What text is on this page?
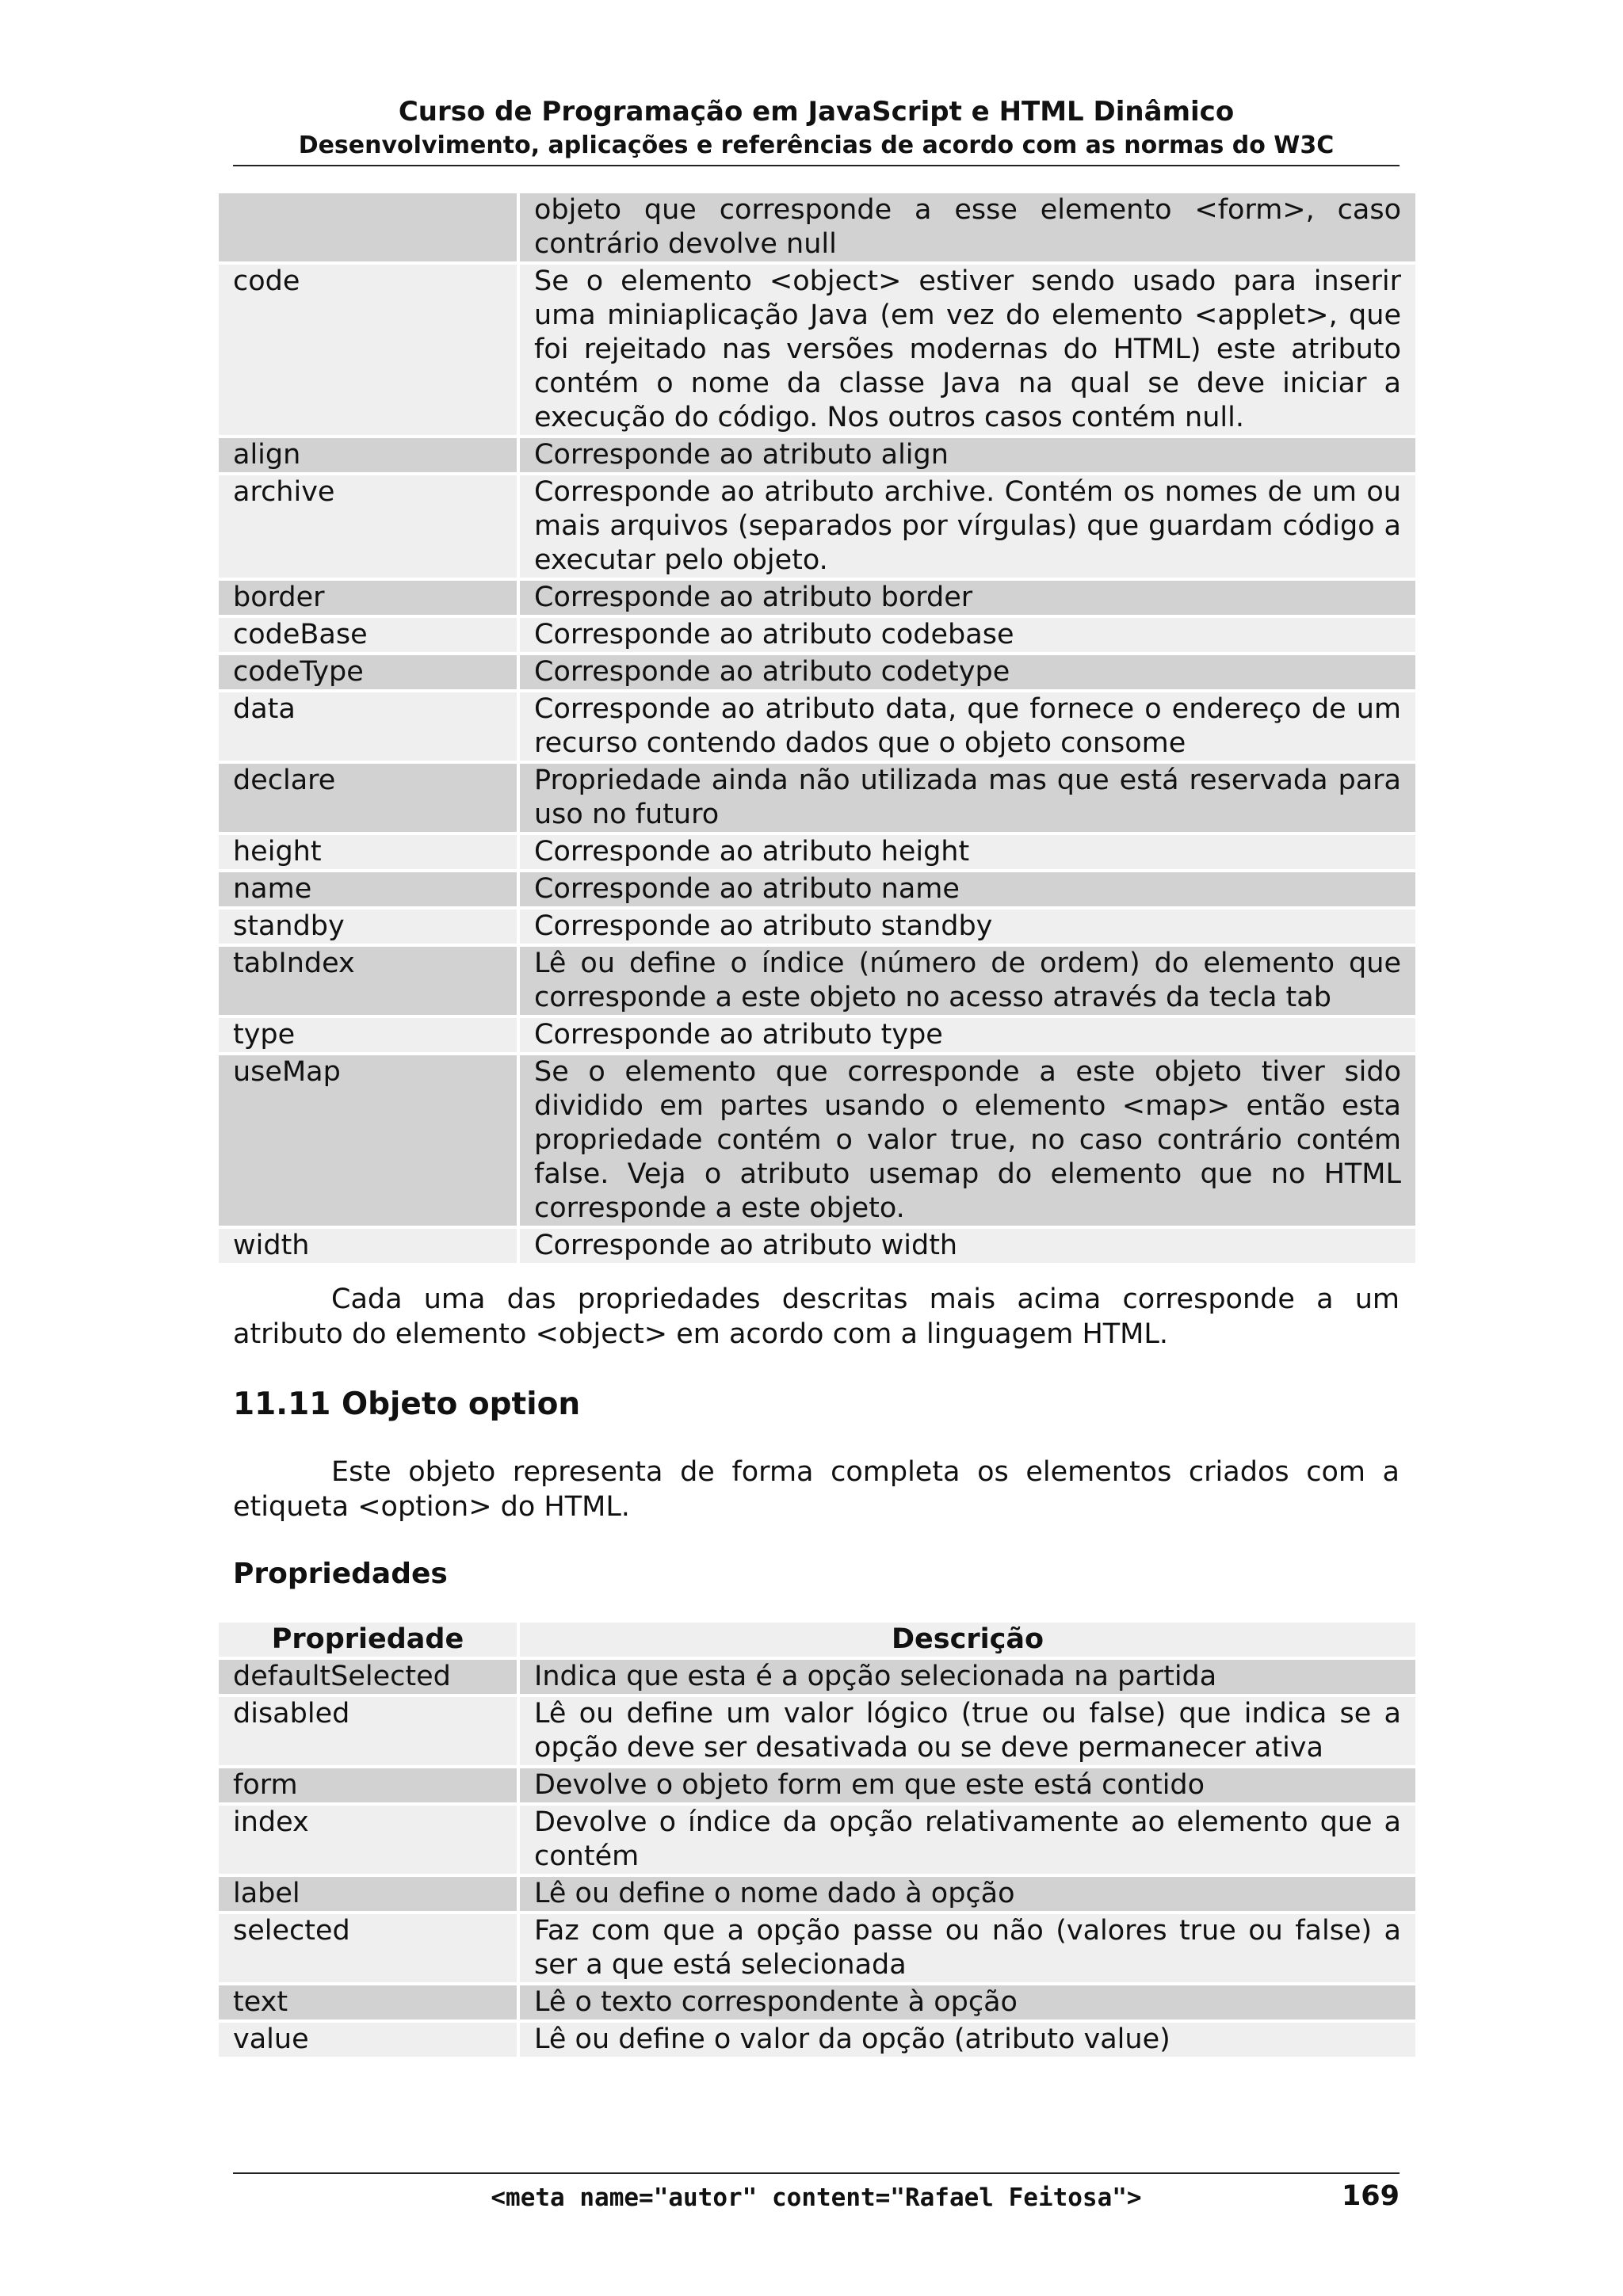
Curso de Programação em JavaScript e HTML Dinâmico
Desenvolvimento, aplicações e referências de acordo com as normas do W3C
	objeto que corresponde a esse elemento <form>, caso contrário devolve null
code	Se o elemento <object> estiver sendo usado para inserir uma miniaplicação Java (em vez do elemento <applet>, que foi rejeitado nas versões modernas do HTML) este atributo contém o nome da classe Java na qual se deve iniciar a execução do código. Nos outros casos contém null.
align	Corresponde ao atributo align
archive	Corresponde ao atributo archive. Contém os nomes de um ou mais arquivos (separados por vírgulas) que guardam código a executar pelo objeto.
border	Corresponde ao atributo border
codeBase	Corresponde ao atributo codebase
codeType	Corresponde ao atributo codetype
data	Corresponde ao atributo data, que fornece o endereço de um recurso contendo dados que o objeto consome
declare	Propriedade ainda não utilizada mas que está reservada para uso no futuro
height	Corresponde ao atributo height
name	Corresponde ao atributo name
standby	Corresponde ao atributo standby
tabIndex	Lê ou define o índice (número de ordem) do elemento que corresponde a este objeto no acesso através da tecla tab
type	Corresponde ao atributo type
useMap	Se o elemento que corresponde a este objeto tiver sido dividido em partes usando o elemento <map> então esta propriedade contém o valor true, no caso contrário contém false. Veja o atributo usemap do elemento que no HTML corresponde a este objeto.
width	Corresponde ao atributo width

Cada uma das propriedades descritas mais acima corresponde a um atributo do elemento <object> em acordo com a linguagem HTML.

11.11 Objeto option

Este objeto representa de forma completa os elementos criados com a etiqueta <option> do HTML.

Propriedades
Propriedade	Descrição
defaultSelected	Indica que esta é a opção selecionada na partida
disabled	Lê ou define um valor lógico (true ou false) que indica se a opção deve ser desativada ou se deve permanecer ativa
form	Devolve o objeto form em que este está contido
index	Devolve o índice da opção relativamente ao elemento que a contém
label	Lê ou define o nome dado à opção
selected	Faz com que a opção passe ou não (valores true ou false) a ser a que está selecionada
text	Lê o texto correspondente à opção
value	Lê ou define o valor da opção (atributo value)
<meta name="autor" content="Rafael Feitosa">	169
